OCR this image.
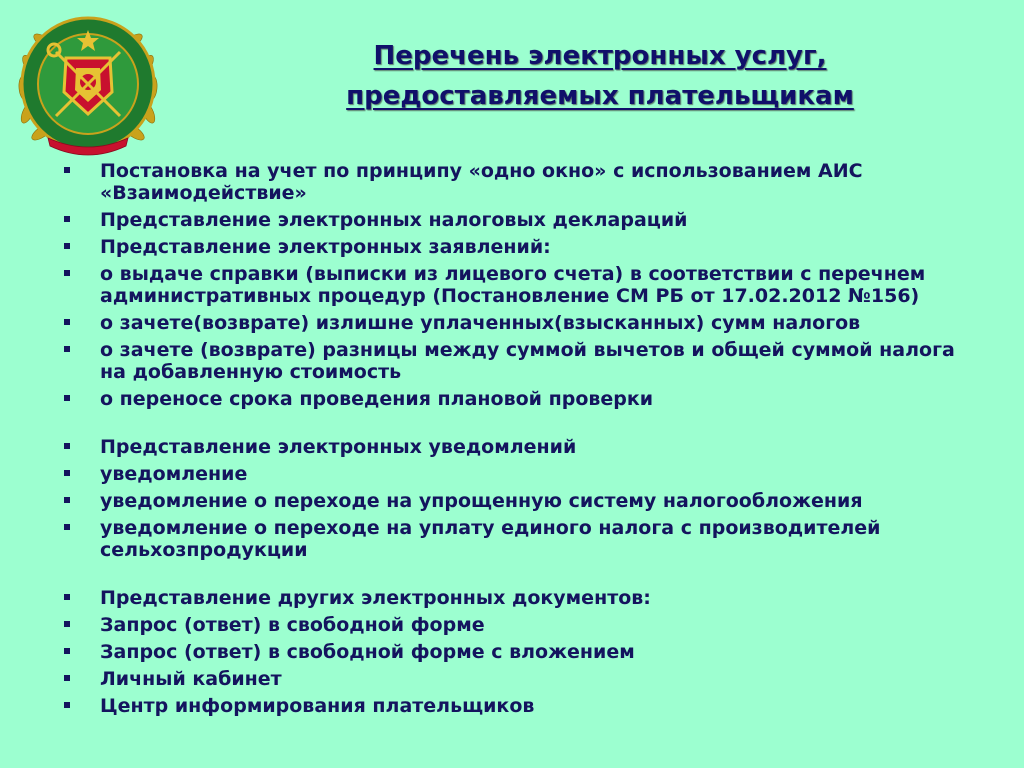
Перечень электронных услуг,
предоставляемых плательщикам
Постановка на учет по принципу «одно окно» с использованием АИС «Взаимодействие»
Представление электронных налоговых деклараций
Представление электронных заявлений:
о выдаче справки (выписки из лицевого счета) в соответствии с перечнем административных процедур (Постановление СМ РБ от 17.02.2012 №156)
о зачете(возврате) излишне уплаченных(взысканных) сумм налогов
о зачете (возврате) разницы между суммой вычетов и общей суммой налога на добавленную стоимость
о переносе срока проведения плановой проверки
Представление электронных уведомлений
уведомление
уведомление о переходе на упрощенную систему налогообложения
уведомление о переходе на уплату единого налога с производителей сельхозпродукции
Представление других электронных документов:
Запрос (ответ) в свободной форме
Запрос (ответ) в свободной форме с вложением
Личный кабинет
Центр информирования плательщиков
